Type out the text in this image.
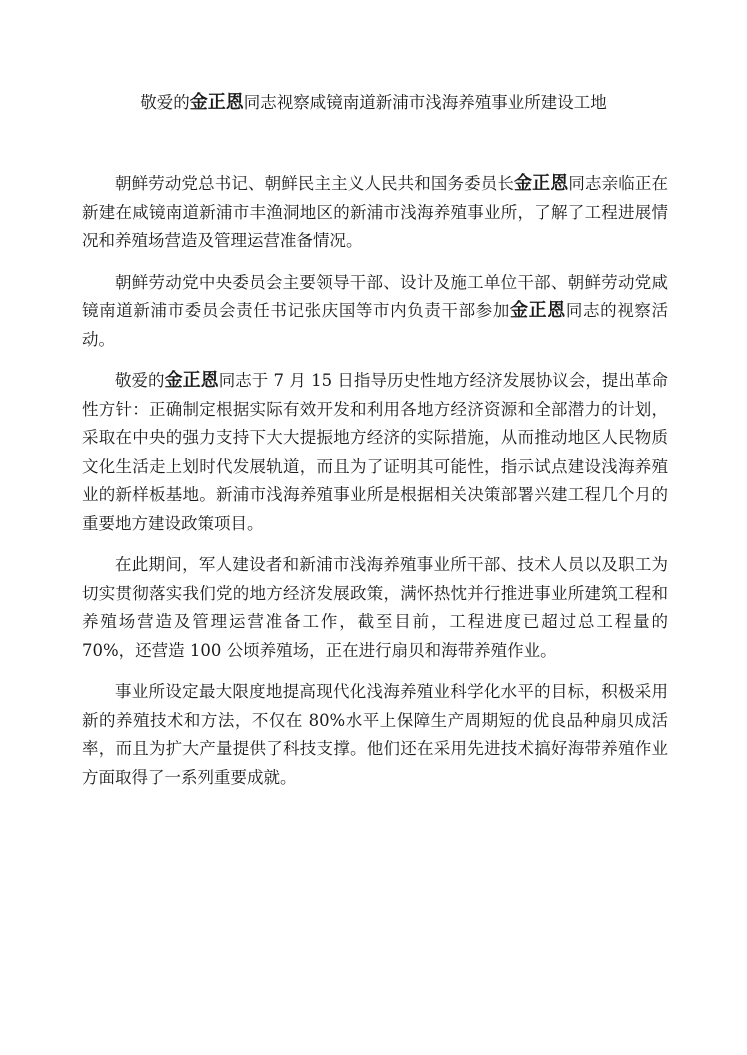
敬爱的金正恩同志视察咸镜南道新浦市浅海养殖事业所建设工地

朝鲜劳动党总书记、朝鲜民主主义人民共和国务委员长金正恩同志亲临正在新建在咸镜南道新浦市丰渔洞地区的新浦市浅海养殖事业所，了解了工程进展情况和养殖场营造及管理运营准备情况。

朝鲜劳动党中央委员会主要领导干部、设计及施工单位干部、朝鲜劳动党咸镜南道新浦市委员会责任书记张庆国等市内负责干部参加金正恩同志的视察活动。

敬爱的金正恩同志于 7 月 15 日指导历史性地方经济发展协议会，提出革命性方针：正确制定根据实际有效开发和利用各地方经济资源和全部潜力的计划，采取在中央的强力支持下大大提振地方经济的实际措施，从而推动地区人民物质文化生活走上划时代发展轨道，而且为了证明其可能性，指示试点建设浅海养殖业的新样板基地。新浦市浅海养殖事业所是根据相关决策部署兴建工程几个月的重要地方建设政策项目。

在此期间，军人建设者和新浦市浅海养殖事业所干部、技术人员以及职工为切实贯彻落实我们党的地方经济发展政策，满怀热忱并行推进事业所建筑工程和养殖场营造及管理运营准备工作，截至目前，工程进度已超过总工程量的 70%，还营造 100 公顷养殖场，正在进行扇贝和海带养殖作业。

事业所设定最大限度地提高现代化浅海养殖业科学化水平的目标，积极采用新的养殖技术和方法，不仅在 80%水平上保障生产周期短的优良品种扇贝成活率，而且为扩大产量提供了科技支撑。他们还在采用先进技术搞好海带养殖作业方面取得了一系列重要成就。
